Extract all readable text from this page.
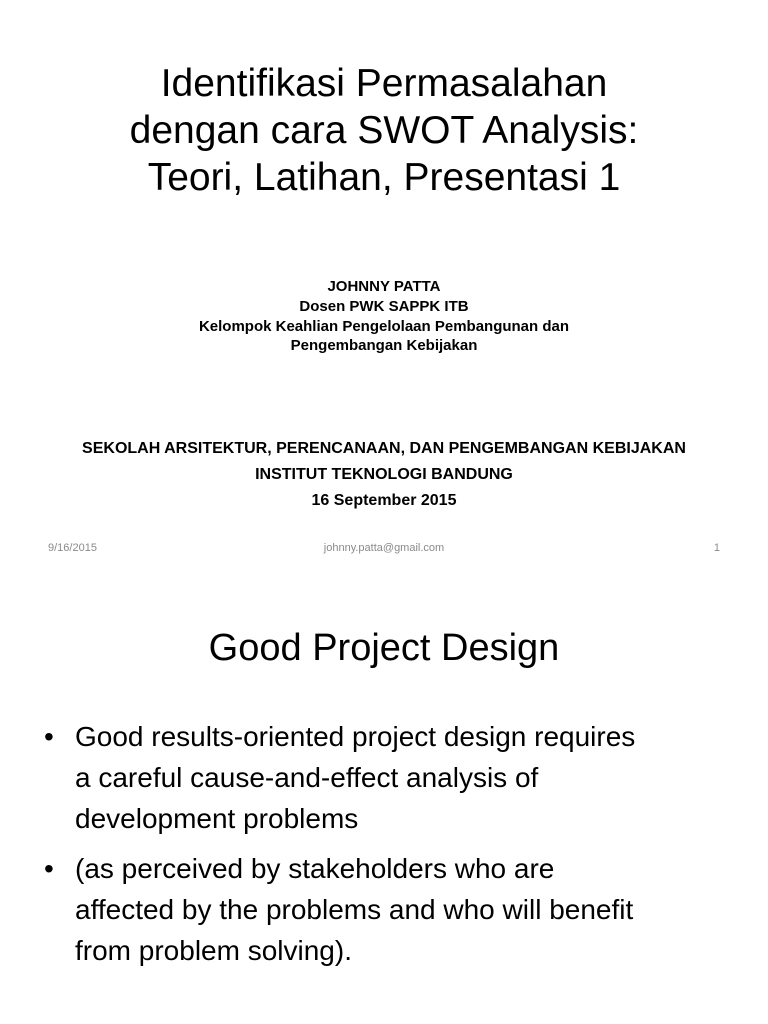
Identifikasi Permasalahan
dengan cara SWOT Analysis:
Teori, Latihan, Presentasi 1
JOHNNY PATTA
Dosen PWK SAPPK ITB
Kelompok Keahlian Pengelolaan Pembangunan dan
Pengembangan Kebijakan
SEKOLAH ARSITEKTUR, PERENCANAAN, DAN PENGEMBANGAN KEBIJAKAN
INSTITUT TEKNOLOGI BANDUNG
16 September 2015
9/16/2015	johnny.patta@gmail.com	1
Good Project Design
• Good results-oriented project design requires
a careful cause-and-effect analysis of
development problems
• (as perceived by stakeholders who are
affected by the problems and who will benefit
from problem solving).
